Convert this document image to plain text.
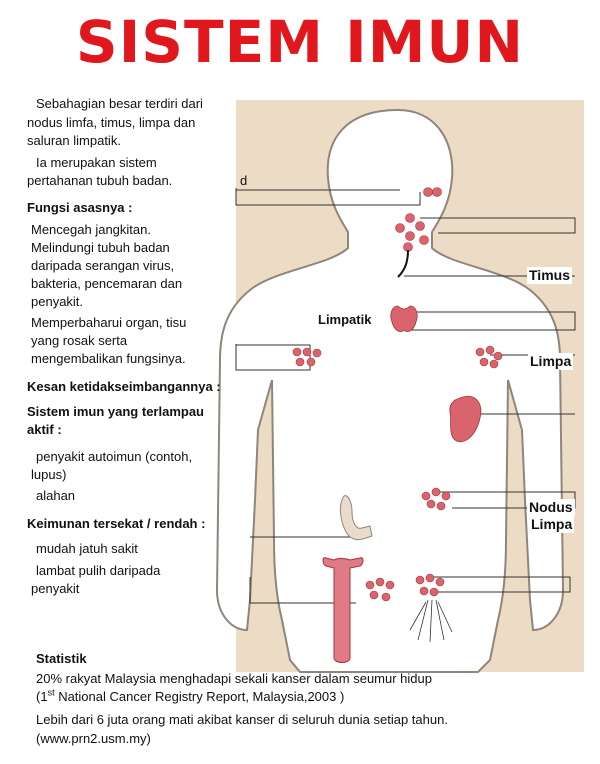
SISTEM IMUN
Sebahagian besar terdiri dari
nodus limfa, timus, limpa dan
saluran limpatik.
Ia merupakan sistem
pertahanan tubuh badan.
Fungsi asasnya :
Mencegah jangkitan.
Melindungi tubuh badan
daripada serangan virus,
bakteria, pencemaran dan
penyakit.
Memperbaharui organ, tisu
yang rosak serta
mengembalikan fungsinya.
Kesan ketidakseimbangannya :
Sistem imun yang terlampau
aktif :
penyakit autoimun (contoh,
lupus)
alahan
Keimunan tersekat / rendah :
mudah jatuh sakit
lambat pulih daripada
penyakit
d
Timus
Limpatik
Limpa
Nodus
Limpa
Statistik
20% rakyat Malaysia menghadapi sekali kanser dalam seumur hidup
(1st National Cancer Registry Report, Malaysia,2003 )
Lebih dari 6 juta orang mati akibat kanser di seluruh dunia setiap tahun.
(www.prn2.usm.my)
